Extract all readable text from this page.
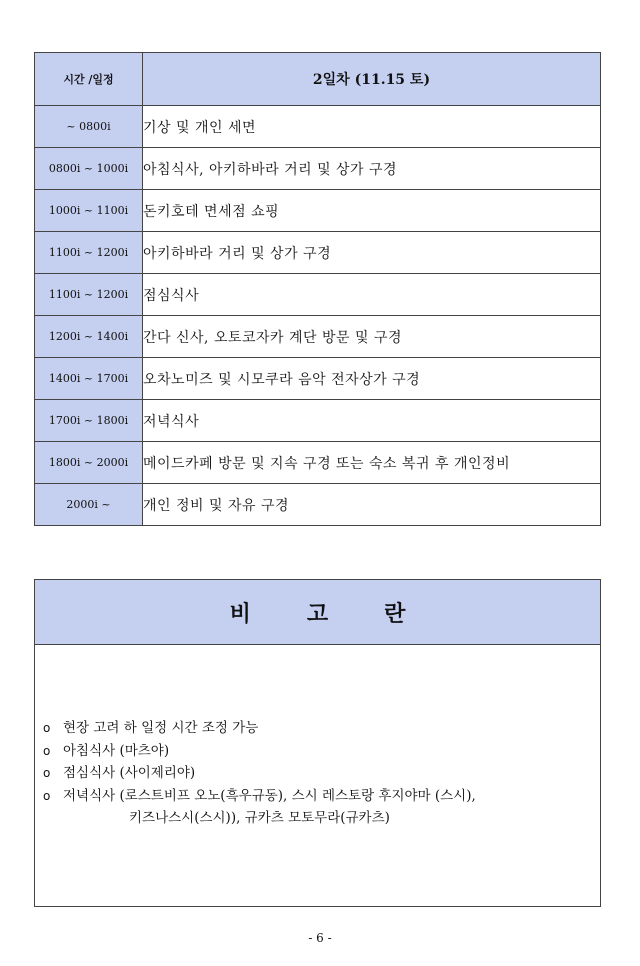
시간 /일정	2일차 (11.15 토)
~ 0800i	기상 및 개인 세면
0800i ~ 1000i	아침식사, 아키하바라 거리 및 상가 구경
1000i ~ 1100i	돈키호테 면세점 쇼핑
1100i ~ 1200i	아키하바라 거리 및 상가 구경
1100i ~ 1200i	점심식사
1200i ~ 1400i	간다 신사, 오토코자카 계단 방문 및 구경
1400i ~ 1700i	오차노미즈 및 시모쿠라 음악 전자상가 구경
1700i ~ 1800i	저녁식사
1800i ~ 2000i	메이드카페 방문 및 지속 구경 또는 숙소 복귀 후 개인정비
2000i ~	개인 정비 및 자유 구경
비	고	란
o 현장 고려 하 일정 시간 조정 가능
o 아침식사 (마츠야)
o 점심식사 (사이제리야)
o 저녁식사 (로스트비프 오노(흑우규동), 스시 레스토랑 후지야마 (스시),
키즈나스시(스시)), 규카츠 모토무라(규카츠)
- 6 -
